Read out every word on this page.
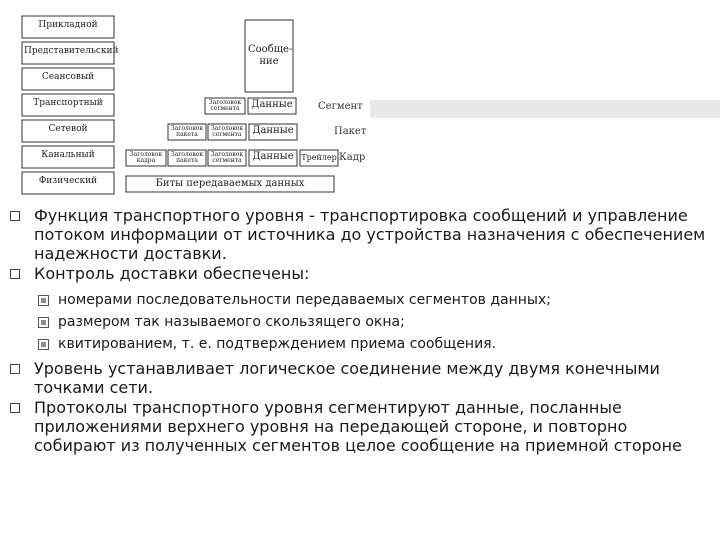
Прикладной
Представительский
Сеансовый
Транспортный
Сетевой
Канальный
Физический
Сообще-ние
Заголовок сегмента	Данные
Заголовок пакета
Заголовок сегмента	Данные
Заголовок кадра
Заголовок пакета
Заголовок сегмента	Данные Трейлер
Биты передаваемых данных
Сегмент
Пакет
Кадр
Функция транспортного уровня - транспортировка сообщений и управление потоком информации от источника до устройства назначения с обеспечением надежности доставки.
Контроль доставки обеспечены:
номерами последовательности передаваемых сегментов данных;
размером так называемого скользящего окна;
квитированием, т. е. подтверждением приема сообщения.
Уровень устанавливает логическое соединение между двумя конечными точками сети.
Протоколы транспортного уровня сегментируют данные, посланные приложениями верхнего уровня на передающей стороне, и повторно собирают из полученных сегментов целое сообщение на приемной стороне
